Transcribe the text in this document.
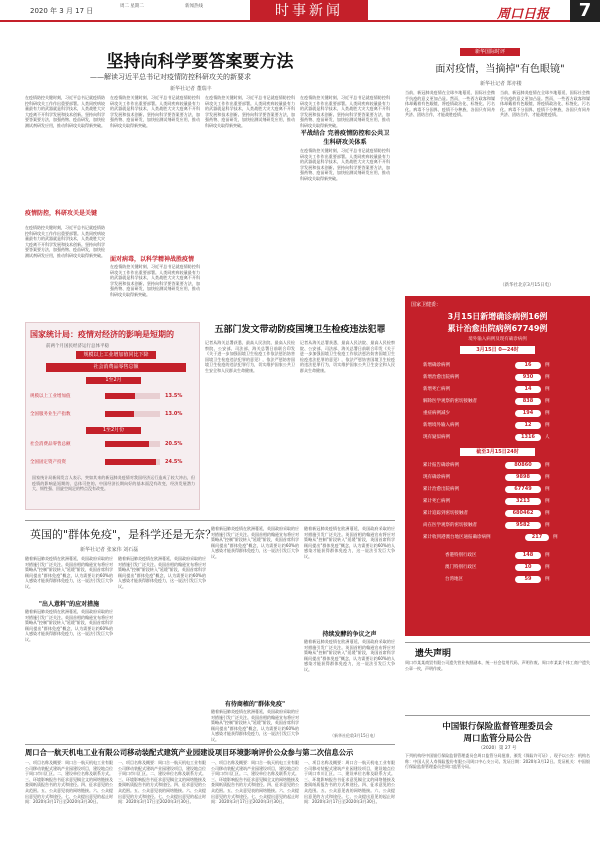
2020 年 3 月 17 日
周二 星期二	新闻热线	时事新闻	周口日报	7
坚持向科学要答案要方法
——解读习近平总书记对疫情防控科研攻关的新要求
新华社记者 董瑞丰
在疫情防控关键时刻，习近平总书记就疫情防控科研攻关工作作出重要部署。人类同疾病较量最有力的武器就是科学技术，人类战胜大灾大疫离不开科学发展和技术创新。坚持向科学要答案要方法，加强药物、疫苗研发，加快检测试剂研发应用，推动科研攻关取得新突破。
疫情防控，科研攻关是关键
在疫情防控关键时刻，习近平总书记就疫情防控科研攻关工作作出重要部署。人类同疾病较量最有力的武器就是科学技术，人类战胜大灾大疫离不开科学发展和技术创新。坚持向科学要答案要方法，加强药物、疫苗研发，加快检测试剂研发应用，推动科研攻关取得新突破。
在疫情防控关键时刻，习近平总书记就疫情防控科研攻关工作作出重要部署。人类同疾病较量最有力的武器就是科学技术，人类战胜大灾大疫离不开科学发展和技术创新。坚持向科学要答案要方法，加强药物、疫苗研发，加快检测试剂研发应用，推动科研攻关取得新突破。
面对病毒，以科学精神战胜疫情
在疫情防控关键时刻，习近平总书记就疫情防控科研攻关工作作出重要部署。人类同疾病较量最有力的武器就是科学技术，人类战胜大灾大疫离不开科学发展和技术创新。坚持向科学要答案要方法，加强药物、疫苗研发，加快检测试剂研发应用，推动科研攻关取得新突破。
在疫情防控关键时刻，习近平总书记就疫情防控科研攻关工作作出重要部署。人类同疾病较量最有力的武器就是科学技术，人类战胜大灾大疫离不开科学发展和技术创新。坚持向科学要答案要方法，加强药物、疫苗研发，加快检测试剂研发应用，推动科研攻关取得新突破。
在疫情防控关键时刻，习近平总书记就疫情防控科研攻关工作作出重要部署。人类同疾病较量最有力的武器就是科学技术，人类战胜大灾大疫离不开科学发展和技术创新。坚持向科学要答案要方法，加强药物、疫苗研发，加快检测试剂研发应用，推动科研攻关取得新突破。
平战结合 完善疫情防控和公共卫生科研攻关体系
在疫情防控关键时刻，习近平总书记就疫情防控科研攻关工作作出重要部署。人类同疾病较量最有力的武器就是科学技术，人类战胜大灾大疫离不开科学发展和技术创新。坚持向科学要答案要方法，加强药物、疫苗研发，加快检测试剂研发应用，推动科研攻关取得新突破。
国家统计局：疫情对经济的影响是短期的
前两个月国民经济运行总体平稳
规模以上工业增加值同比下降
社会消费品零售总额
1至2月
规模以上工业增加值	13.5%
全国服务业生产指数	13.0%
1至2月份
社会消费品零售总额	20.5%
全国固定资产投资	24.5%
国家统计局新闻发言人表示，突如其来的新冠肺炎疫情对我国经济运行造成了较大冲击，但疫情的影响是短期的、总体可控的。中国经济长期向好的基本面没有改变，经济发展潜力大、韧性强、回旋空间足的特点没有改变。
五部门发文带动防疫国境卫生检疫违法犯罪
记者从海关总署获悉，最高人民法院、最高人民检察院、公安部、司法部、海关总署日前联合印发《关于进一步加强国境卫生检疫工作依法惩治妨害国境卫生检疫违法犯罪的意见》，依法严惩妨害国境卫生检疫的违法犯罪行为，切实维护国家公共卫生安全和人民群众生命健康。
记者从海关总署获悉，最高人民法院、最高人民检察院、公安部、司法部、海关总署日前联合印发《关于进一步加强国境卫生检疫工作依法惩治妨害国境卫生检疫违法犯罪的意见》，依法严惩妨害国境卫生检疫的违法犯罪行为，切实维护国家公共卫生安全和人民群众生命健康。
新华国际时评
面对疫情，当摘掉"有色眼镜"
新华社记者 郑亦楼
当前，新冠肺炎疫情在全球多地蔓延，国际社会携手抗疫的意义更加凸显。然而，一些西方政客和媒体却戴着有色眼镜，将疫情政治化、标签化、污名化。病毒不分国界，疫情不分种族，各国只有同舟共济、团结合作，才能战胜疫情。
当前，新冠肺炎疫情在全球多地蔓延，国际社会携手抗疫的意义更加凸显。然而，一些西方政客和媒体却戴着有色眼镜，将疫情政治化、标签化、污名化。病毒不分国界，疫情不分种族，各国只有同舟共济、团结合作，才能战胜疫情。
（新华社北京3月15日电）
国家卫健委：
3月15日新增确诊病例16例
累计治愈出院病例67749例
境外输入病例及现有确诊病例
3月15日 0—24时
新增确诊病例	16	例
新增治愈出院病例	930	例
新增死亡病例	14	例
解除医学观察的密切接触者	838	例
重症病例减少	194	例
新增境外输入病例	12	例
现有疑似病例	1316	人
截至3月15日24时
累计报告确诊病例	80860	例
现有确诊病例	9898	例
累计治愈出院病例	67749	例
累计死亡病例	3213	例
累计追踪到密切接触者	680462	例
尚在医学观察的密切接触者	9582	例
累计收到港澳台地区通报确诊病例	217	例
香港特别行政区	148	例
澳门特别行政区	10	例
台湾地区	59	例
英国的"群体免疫"，是科学还是无奈？
新华社记者 张家伟 刘石磊
随着新冠肺炎疫情在欧洲蔓延，英国政府采取的应对措施引发广泛关注。英国首相约翰逊宣布将应对策略从"控制"阶段转入"延缓"阶段，英国首席科学顾问提出"群体免疫"概念，认为需要让约60%的人感染才能获得群体免疫力，这一说法引发巨大争议。
"出人意料"的应对措施
随着新冠肺炎疫情在欧洲蔓延，英国政府采取的应对措施引发广泛关注。英国首相约翰逊宣布将应对策略从"控制"阶段转入"延缓"阶段，英国首席科学顾问提出"群体免疫"概念，认为需要让约60%的人感染才能获得群体免疫力，这一说法引发巨大争议。
随着新冠肺炎疫情在欧洲蔓延，英国政府采取的应对措施引发广泛关注。英国首相约翰逊宣布将应对策略从"控制"阶段转入"延缓"阶段，英国首席科学顾问提出"群体免疫"概念，认为需要让约60%的人感染才能获得群体免疫力，这一说法引发巨大争议。
随着新冠肺炎疫情在欧洲蔓延，英国政府采取的应对措施引发广泛关注。英国首相约翰逊宣布将应对策略从"控制"阶段转入"延缓"阶段，英国首席科学顾问提出"群体免疫"概念，认为需要让约60%的人感染才能获得群体免疫力，这一说法引发巨大争议。
有待商榷的"群体免疫"
随着新冠肺炎疫情在欧洲蔓延，英国政府采取的应对措施引发广泛关注。英国首相约翰逊宣布将应对策略从"控制"阶段转入"延缓"阶段，英国首席科学顾问提出"群体免疫"概念，认为需要让约60%的人感染才能获得群体免疫力，这一说法引发巨大争议。
随着新冠肺炎疫情在欧洲蔓延，英国政府采取的应对措施引发广泛关注。英国首相约翰逊宣布将应对策略从"控制"阶段转入"延缓"阶段，英国首席科学顾问提出"群体免疫"概念，认为需要让约60%的人感染才能获得群体免疫力，这一说法引发巨大争议。
持续发酵的争议之声
随着新冠肺炎疫情在欧洲蔓延，英国政府采取的应对措施引发广泛关注。英国首相约翰逊宣布将应对策略从"控制"阶段转入"延缓"阶段，英国首席科学顾问提出"群体免疫"概念，认为需要让约60%的人感染才能获得群体免疫力，这一说法引发巨大争议。
（新华社伦敦3月15日电）
遗失声明
周口市某某商贸有限公司遗失营业执照副本，统一社会信用代码，声明作废。周口市某某个体工商户遗失公章一枚，声明作废。
中国银行保险监督管理委员会
周口监管分局公告
（2020）第 27 号
下列机构经中国银行保险监督管理委员会周口监管分局批准，颁发《保险许可证》，现予以公告：机构名称：中国人民人寿保险股份有限公司周口中心支公司。发证日期：2020年3月12日。发证机关：中国银行保险监督管理委员会周口监管分局。
周口合一航天机电工业有限公司移动装配式建筑产业园建设项目环境影响评价公众参与第二次信息公示
一、项目名称及概要：周口合一航天机电工业有限公司移动装配式建筑产业园建设项目，建设地点位于周口市川汇区。二、建设单位名称及联系方式。三、环境影响报告书征求意见稿全文的网络链接及查阅纸质报告书的方式和途径。四、征求意见的公众范围。五、公众意见表的网络链接。六、公众提出意见的方式和途径。七、公众提出意见的起止时间：2020年3月17日至2020年3月30日。
一、项目名称及概要：周口合一航天机电工业有限公司移动装配式建筑产业园建设项目，建设地点位于周口市川汇区。二、建设单位名称及联系方式。三、环境影响报告书征求意见稿全文的网络链接及查阅纸质报告书的方式和途径。四、征求意见的公众范围。五、公众意见表的网络链接。六、公众提出意见的方式和途径。七、公众提出意见的起止时间：2020年3月17日至2020年3月30日。
一、项目名称及概要：周口合一航天机电工业有限公司移动装配式建筑产业园建设项目，建设地点位于周口市川汇区。二、建设单位名称及联系方式。三、环境影响报告书征求意见稿全文的网络链接及查阅纸质报告书的方式和途径。四、征求意见的公众范围。五、公众意见表的网络链接。六、公众提出意见的方式和途径。七、公众提出意见的起止时间：2020年3月17日至2020年3月30日。
一、项目名称及概要：周口合一航天机电工业有限公司移动装配式建筑产业园建设项目，建设地点位于周口市川汇区。二、建设单位名称及联系方式。三、环境影响报告书征求意见稿全文的网络链接及查阅纸质报告书的方式和途径。四、征求意见的公众范围。五、公众意见表的网络链接。六、公众提出意见的方式和途径。七、公众提出意见的起止时间：2020年3月17日至2020年3月30日。
